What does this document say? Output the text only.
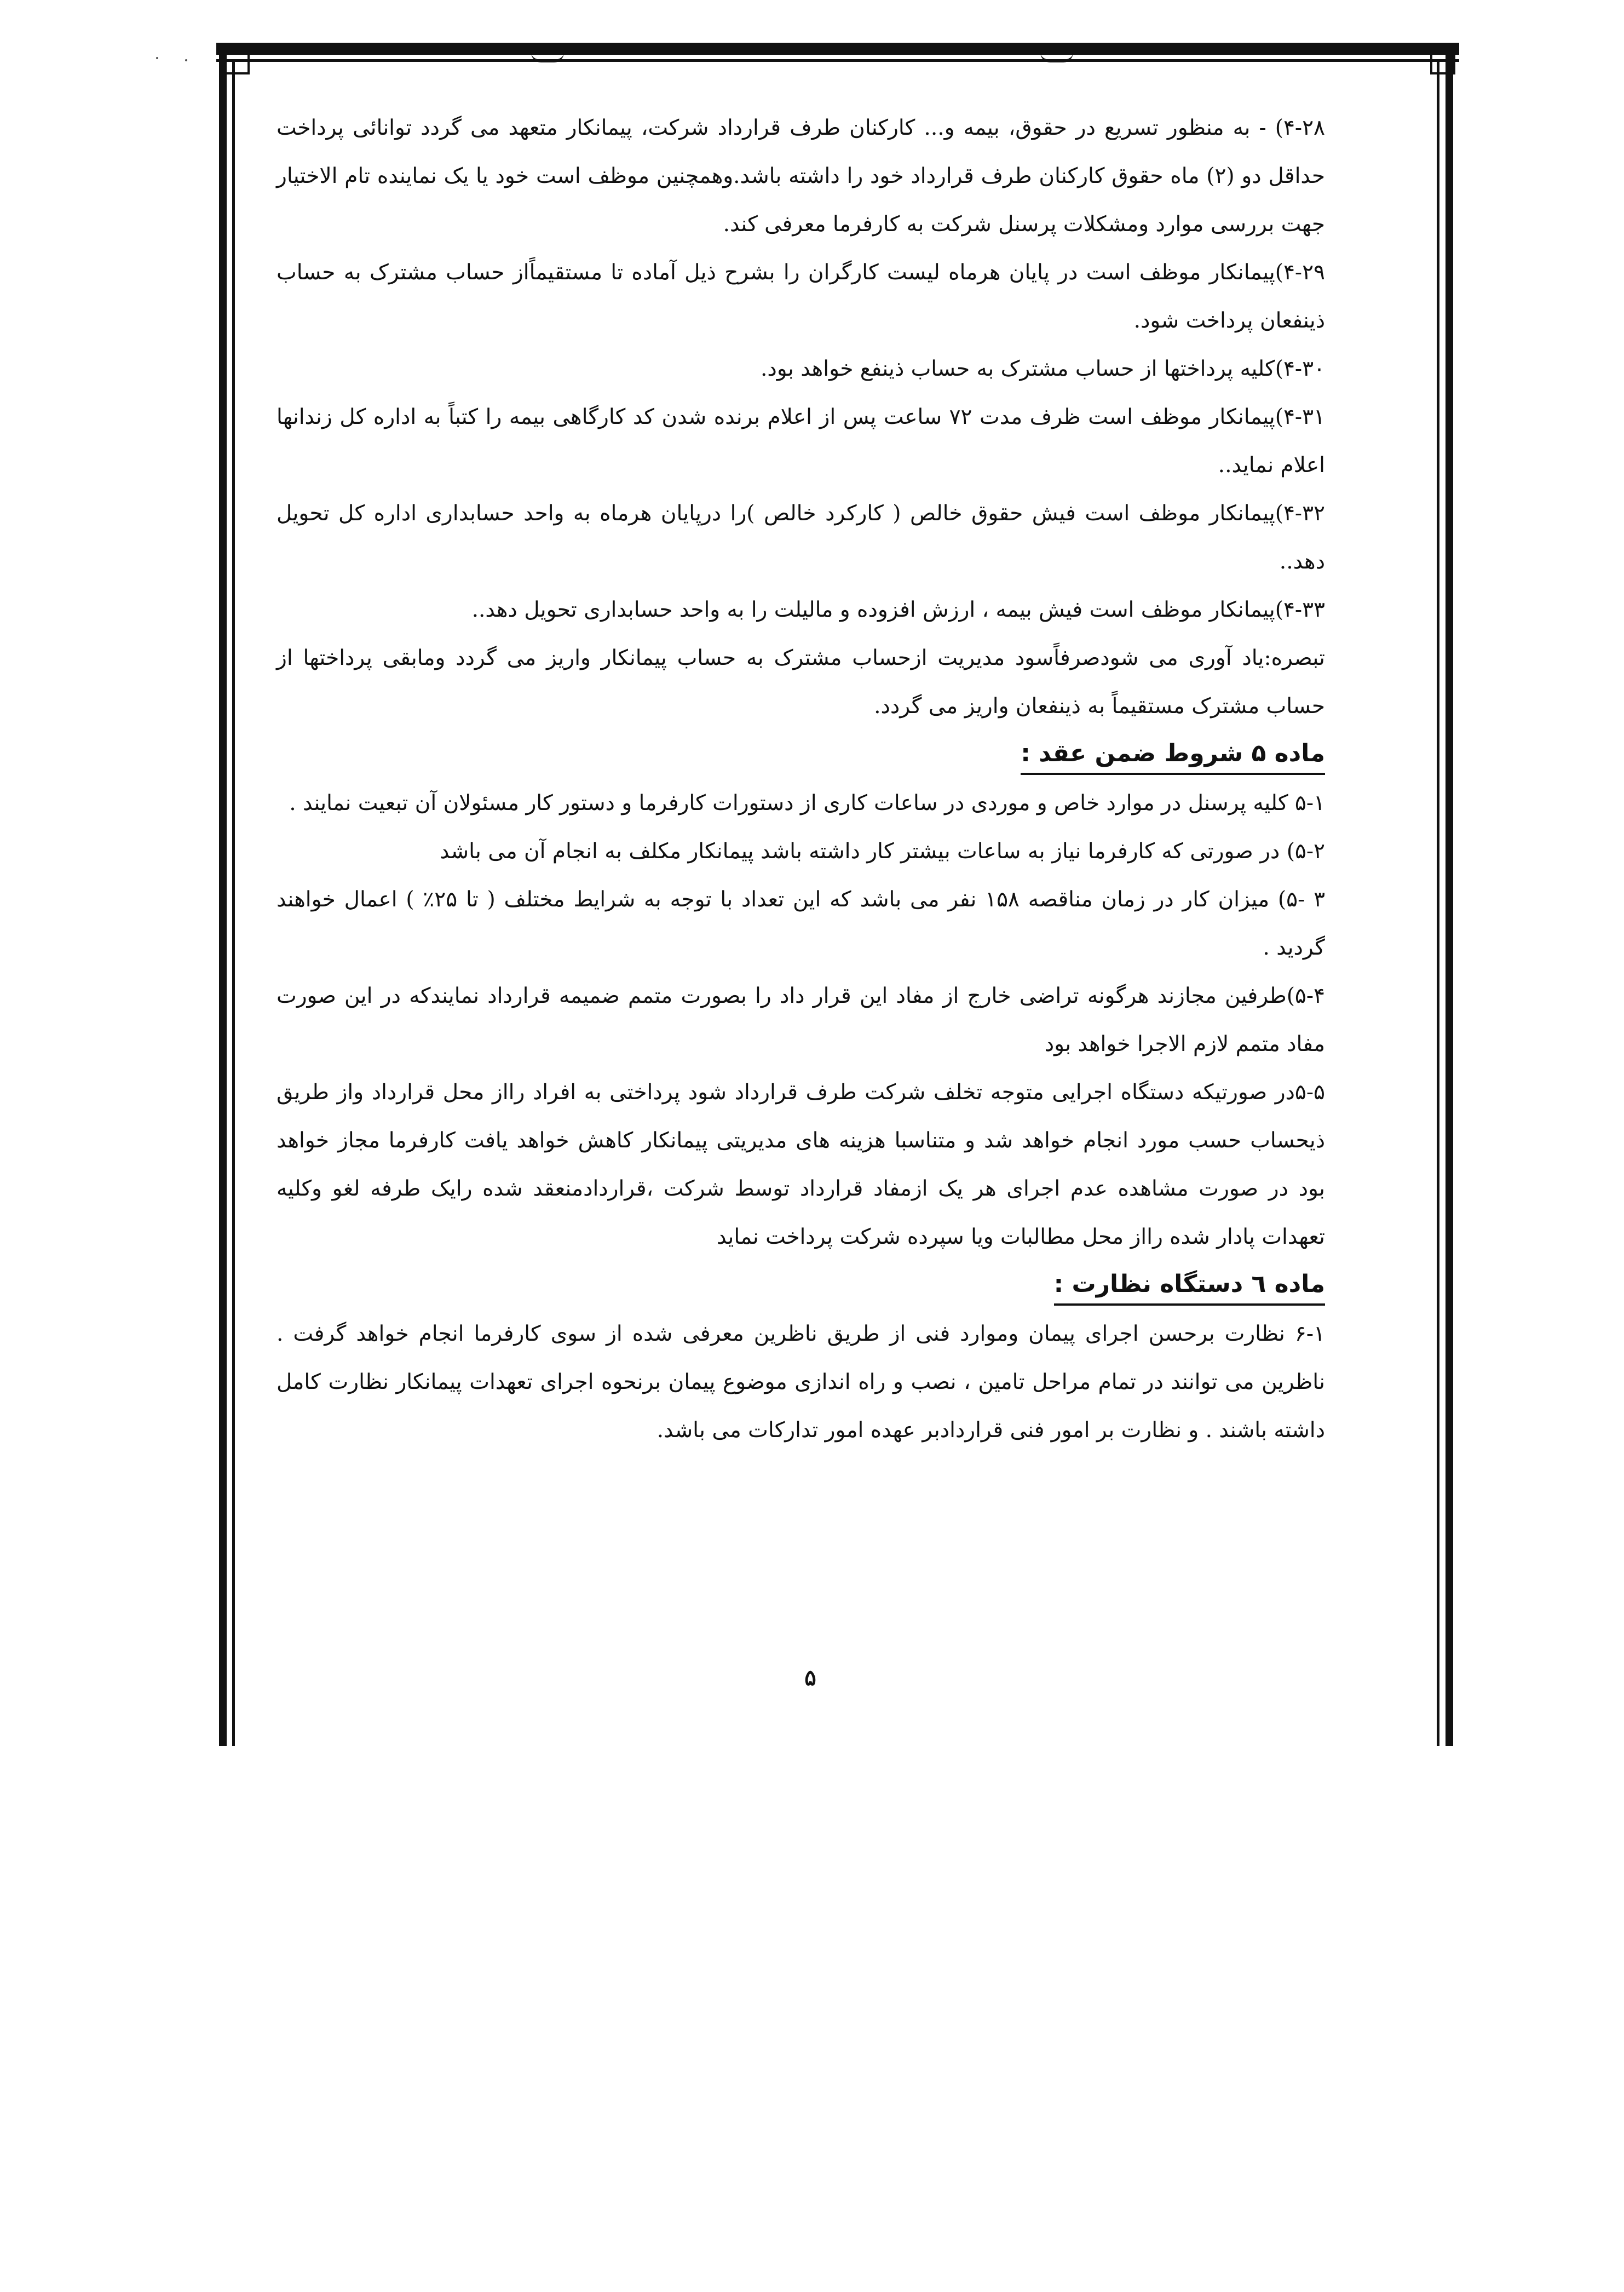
۴-۲۸) - به منظور تسریع در حقوق، بیمه و... کارکنان طرف قرارداد شرکت، پیمانکار متعهد می گردد توانائی پرداخت حداقل دو (۲) ماه حقوق کارکنان طرف قرارداد خود را داشته باشد.وهمچنین موظف است خود یا یک نماینده تام الاختیار جهت بررسی موارد ومشکلات پرسنل شرکت به کارفرما معرفی کند.

۴-۲۹)پیمانکار موظف است در پایان هرماه لیست کارگران را بشرح ذیل آماده تا مستقیماًاز حساب مشترک به حساب ذینفعان پرداخت شود.

۴-۳۰)کلیه پرداختها از حساب مشترک به حساب ذینفع خواهد بود.

۴-۳۱)پیمانکار موظف است ظرف مدت ۷۲ ساعت پس از اعلام برنده شدن کد کارگاهی بیمه را کتباً به اداره کل زندانها اعلام نماید..

۴-۳۲)پیمانکار موظف است فیش حقوق خالص ( کارکرد خالص )را درپایان هرماه به واحد حسابداری اداره کل تحویل دهد..

۴-۳۳)پیمانکار موظف است فیش بیمه ، ارزش افزوده و مالیلت را به واحد حسابداری تحویل دهد..

تبصره:یاد آوری می شودصرفاًسود مدیریت ازحساب مشترک به حساب پیمانکار واریز می گردد ومابقی پرداختها از حساب مشترک مستقیماً به ذینفعان واریز می گردد.

ماده ۵ شروط ضمن عقد :

۵-۱ کلیه پرسنل در موارد خاص و موردی در ساعات کاری از دستورات کارفرما و دستور کار مسئولان آن تبعیت نمایند .

۵-۲) در صورتی که کارفرما نیاز به ساعات بیشتر کار داشته باشد پیمانکار مکلف به انجام آن می باشد

۳ -۵) میزان کار در زمان مناقصه ۱۵۸ نفر می باشد که این تعداد با توجه به شرایط مختلف ( تا ۲۵٪ ) اعمال خواهند گردید .

۵-۴)طرفین مجازند هرگونه تراضی خارج از مفاد این قرار داد را بصورت متمم ضمیمه قرارداد نمایندکه در این صورت مفاد متمم لازم الاجرا خواهد بود

۵-۵در صورتیکه دستگاه اجرایی متوجه تخلف شرکت طرف قرارداد شود پرداختی به افراد رااز محل قرارداد واز طریق ذیحساب حسب مورد انجام خواهد شد و متناسبا هزینه های مدیریتی پیمانکار کاهش خواهد یافت کارفرما مجاز خواهد بود در صورت مشاهده عدم اجرای هر یک ازمفاد قرارداد توسط شرکت ،قراردادمنعقد شده رایک طرفه لغو وکلیه تعهدات پادار شده رااز محل مطالبات ویا سپرده شرکت پرداخت نماید

ماده ٦ دستگاه نظارت :

۶-۱ نظارت برحسن اجرای پیمان وموارد فنی از طریق ناظرین معرفی شده از سوی کارفرما انجام خواهد گرفت . ناظرین می توانند در تمام مراحل تامین ، نصب و راه اندازی موضوع پیمان برنحوه اجرای تعهدات پیمانکار نظارت کامل داشته باشند . و نظارت بر امور فنی قراردادبر عهده امور تدارکات می باشد.

۵
